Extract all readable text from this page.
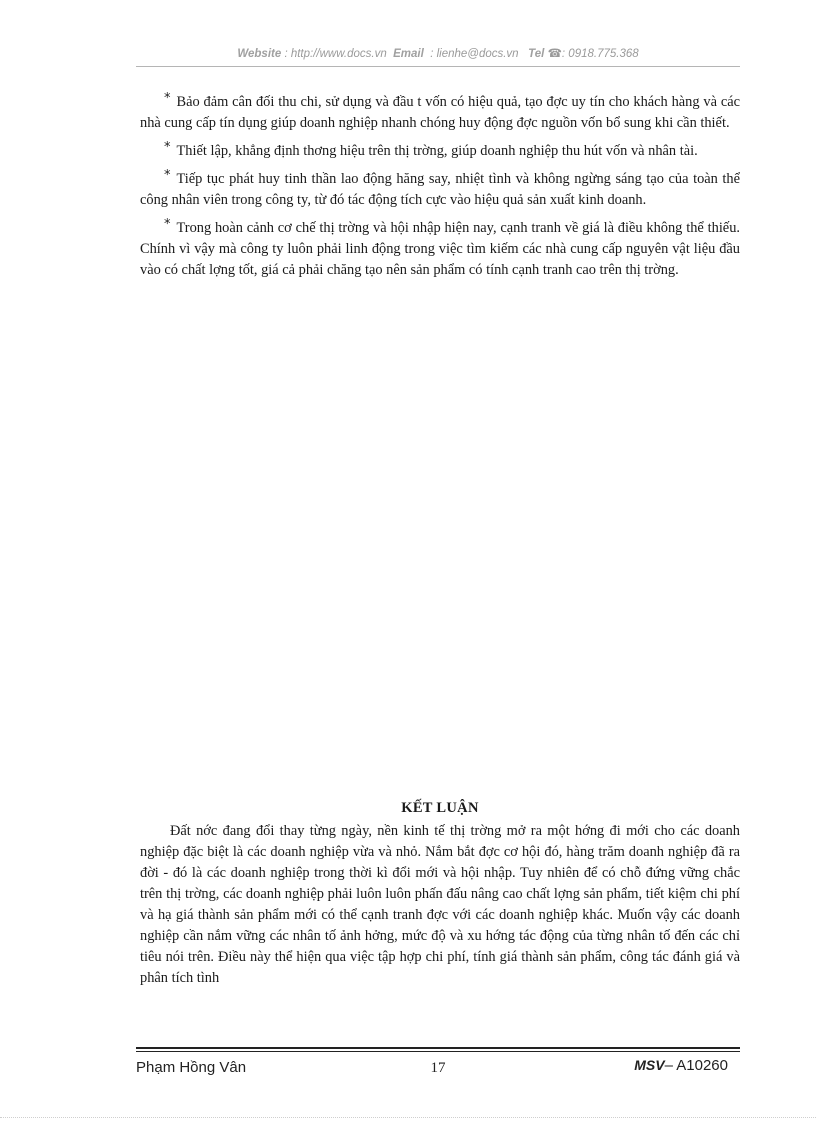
Website : http://www.docs.vn Email : lienhe@docs.vn Tel ☎: 0918.775.368

* Bảo đảm cân đối thu chi, sử dụng và đầu t vốn có hiệu quả, tạo đợc uy tín cho khách hàng và các nhà cung cấp tín dụng giúp doanh nghiệp nhanh chóng huy động đợc nguồn vốn bổ sung khi cần thiết.

* Thiết lập, khẳng định thơng hiệu trên thị trờng, giúp doanh nghiệp thu hút vốn và nhân tài.

* Tiếp tục phát huy tinh thần lao động hăng say, nhiệt tình và không ngừng sáng tạo của toàn thể công nhân viên trong công ty, từ đó tác động tích cực vào hiệu quả sản xuất kinh doanh.

* Trong hoàn cảnh cơ chế thị trờng và hội nhập hiện nay, cạnh tranh về giá là điều không thể thiếu. Chính vì vậy mà công ty luôn phải linh động trong việc tìm kiếm các nhà cung cấp nguyên vật liệu đầu vào có chất lợng tốt, giá cả phải chăng tạo nên sản phẩm có tính cạnh tranh cao trên thị trờng.

KẾT LUẬN

Đất nớc đang đổi thay từng ngày, nền kinh tế thị trờng mở ra một hớng đi mới cho các doanh nghiệp đặc biệt là các doanh nghiệp vừa và nhỏ. Nắm bắt đợc cơ hội đó, hàng trăm doanh nghiệp đã ra đời - đó là các doanh nghiệp trong thời kì đổi mới và hội nhập. Tuy nhiên để có chỗ đứng vững chắc trên thị trờng, các doanh nghiệp phải luôn luôn phấn đấu nâng cao chất lợng sản phẩm, tiết kiệm chi phí và hạ giá thành sản phẩm mới có thể cạnh tranh đợc với các doanh nghiệp khác. Muốn vậy các doanh nghiệp cần nắm vững các nhân tố ảnh hởng, mức độ và xu hớng tác động của từng nhân tố đến các chỉ tiêu nói trên. Điều này thể hiện qua việc tập hợp chi phí, tính giá thành sản phẩm, công tác đánh giá và phân tích tình

Phạm Hồng Vân	17	MSV– A10260
